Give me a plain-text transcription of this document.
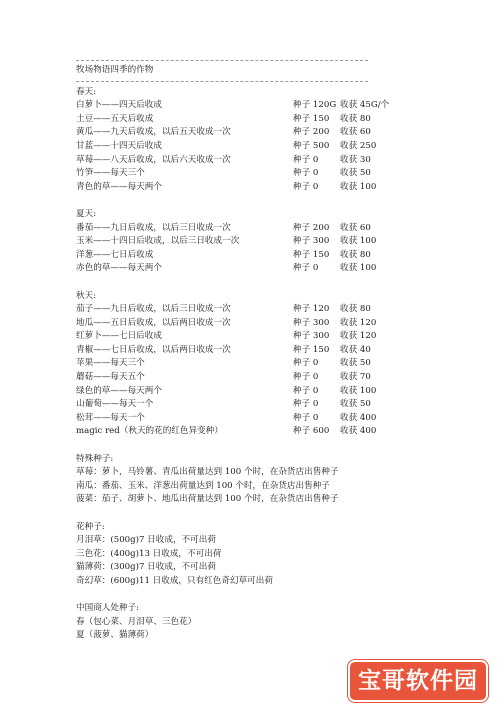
牧场物语四季的作物
春天:
白萝卜——四天后收成	种子 120G 收获 45G/个
土豆——五天后收成	种子 150 收获 80
黄瓜——九天后收成，以后五天收成一次	种子 200 收获 60
甘蓝——十四天后收成	种子 500 收获 250
草莓——八天后收成，以后六天收成一次	种子 0	收获 30
竹笋——每天三个	种子 0	收获 50
青色的草——每天两个	种子 0	收获 100
夏天:
番茄——九日后收成，以后三日收成一次	种子 200 收获 60
玉米——十四日后收成，以后三日收成一次	种子 300 收获 100
洋葱——七日后收成	种子 150 收获 80
赤色的草——每天两个	种子 0	收获 100
秋天:
茄子——九日后收成，以后三日收成一次	种子 120 收获 80
地瓜——五日后收成，以后两日收成一次	种子 300 收获 120
红萝卜——七日后收成	种子 300 收获 120
青椒——七日后收成，以后两日收成一次	种子 150 收获 40
苹果——每天三个	种子 0	收获 50
蘑菇——每天五个	种子 0	收获 70
绿色的草——每天两个	种子 0	收获 100
山葡萄——每天一个	种子 0	收获 50
松茸——每天一个	种子 0	收获 400
magic red（秋天的花的红色异变种）	种子 600 收获 400
特殊种子:
草莓：萝卜，马铃薯、青瓜出荷量达到 100 个时，在杂货店出售种子
南瓜：番茄、玉米、洋葱出荷量达到 100 个时，在杂货店出售种子
菠菜：茄子、胡萝卜、地瓜出荷量达到 100 个时，在杂货店出售种子
花种子:
月泪草：(500g)7 日收成，不可出荷
三色花：(400g)13 日收成，不可出荷
猫薄荷：(300g)7 日收成，不可出荷
奇幻草：(600g)11 日收成，只有红色奇幻草可出荷
中国商人处种子:
春（包心菜、月泪草、三色花）
夏（菠萝、猫薄荷）
宝哥软件园
